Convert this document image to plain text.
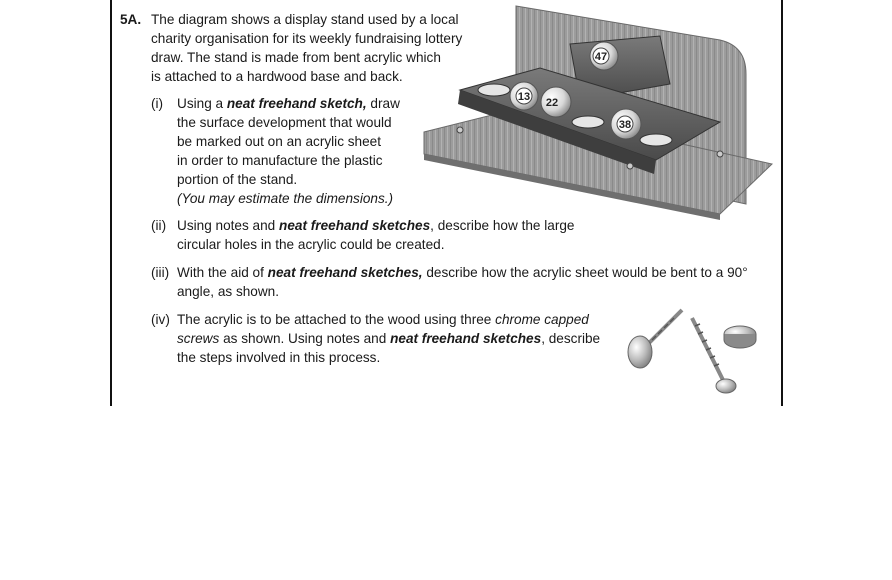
5A. The diagram shows a display stand used by a local
charity organisation for its weekly fundraising lottery
draw. The stand is made from bent acrylic which
is attached to a hardwood base and back.
(i) Using a neat freehand sketch, draw
the surface development that would
be marked out on an acrylic sheet
in order to manufacture the plastic
portion of the stand.
(You may estimate the dimensions.)
(ii) Using notes and neat freehand sketches, describe how the large
circular holes in the acrylic could be created.
(iii) With the aid of neat freehand sketches, describe how the acrylic sheet would be bent to a 90°
angle, as shown.
(iv) The acrylic is to be attached to the wood using three chrome capped
screws as shown. Using notes and neat freehand sketches, describe
the steps involved in this process.
47
13 22
38
